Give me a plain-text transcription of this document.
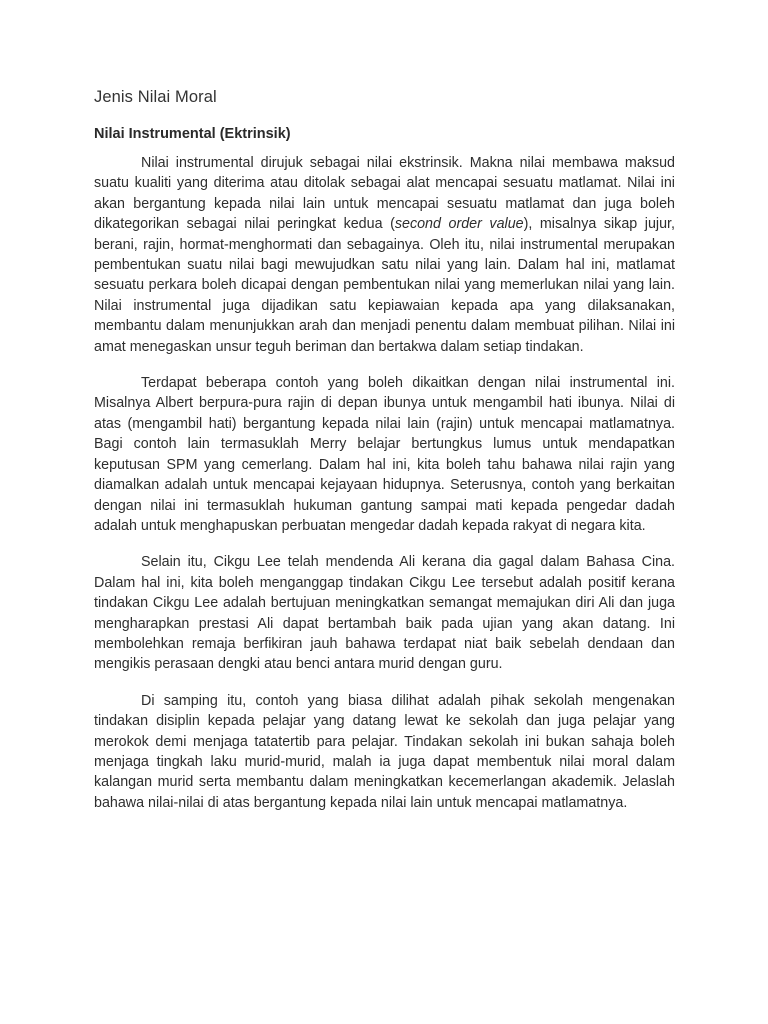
Jenis Nilai Moral
Nilai Instrumental (Ektrinsik)

Nilai instrumental dirujuk sebagai nilai ekstrinsik. Makna nilai membawa maksud suatu kualiti yang diterima atau ditolak sebagai alat mencapai sesuatu matlamat. Nilai ini akan bergantung kepada nilai lain untuk mencapai sesuatu matlamat dan juga boleh dikategorikan sebagai nilai peringkat kedua (second order value), misalnya sikap jujur, berani, rajin, hormat-menghormati dan sebagainya. Oleh itu, nilai instrumental merupakan pembentukan suatu nilai bagi mewujudkan satu nilai yang lain. Dalam hal ini, matlamat sesuatu perkara boleh dicapai dengan pembentukan nilai yang memerlukan nilai yang lain. Nilai instrumental juga dijadikan satu kepiawaian kepada apa yang dilaksanakan, membantu dalam menunjukkan arah dan menjadi penentu dalam membuat pilihan. Nilai ini amat menegaskan unsur teguh beriman dan bertakwa dalam setiap tindakan.

Terdapat beberapa contoh yang boleh dikaitkan dengan nilai instrumental ini. Misalnya Albert berpura-pura rajin di depan ibunya untuk mengambil hati ibunya. Nilai di atas (mengambil hati) bergantung kepada nilai lain (rajin) untuk mencapai matlamatnya. Bagi contoh lain termasuklah Merry belajar bertungkus lumus untuk mendapatkan keputusan SPM yang cemerlang. Dalam hal ini, kita boleh tahu bahawa nilai rajin yang diamalkan adalah untuk mencapai kejayaan hidupnya. Seterusnya, contoh yang berkaitan dengan nilai ini termasuklah hukuman gantung sampai mati kepada pengedar dadah adalah untuk menghapuskan perbuatan mengedar dadah kepada rakyat di negara kita.

Selain itu, Cikgu Lee telah mendenda Ali kerana dia gagal dalam Bahasa Cina. Dalam hal ini, kita boleh menganggap tindakan Cikgu Lee tersebut adalah positif kerana tindakan Cikgu Lee adalah bertujuan meningkatkan semangat memajukan diri Ali dan juga mengharapkan prestasi Ali dapat bertambah baik pada ujian yang akan datang. Ini membolehkan remaja berfikiran jauh bahawa terdapat niat baik sebelah dendaan dan mengikis perasaan dengki atau benci antara murid dengan guru.

Di samping itu, contoh yang biasa dilihat adalah pihak sekolah mengenakan tindakan disiplin kepada pelajar yang datang lewat ke sekolah dan juga pelajar yang merokok demi menjaga tatatertib para pelajar. Tindakan sekolah ini bukan sahaja boleh menjaga tingkah laku murid-murid, malah ia juga dapat membentuk nilai moral dalam kalangan murid serta membantu dalam meningkatkan kecemerlangan akademik. Jelaslah bahawa nilai-nilai di atas bergantung kepada nilai lain untuk mencapai matlamatnya.
